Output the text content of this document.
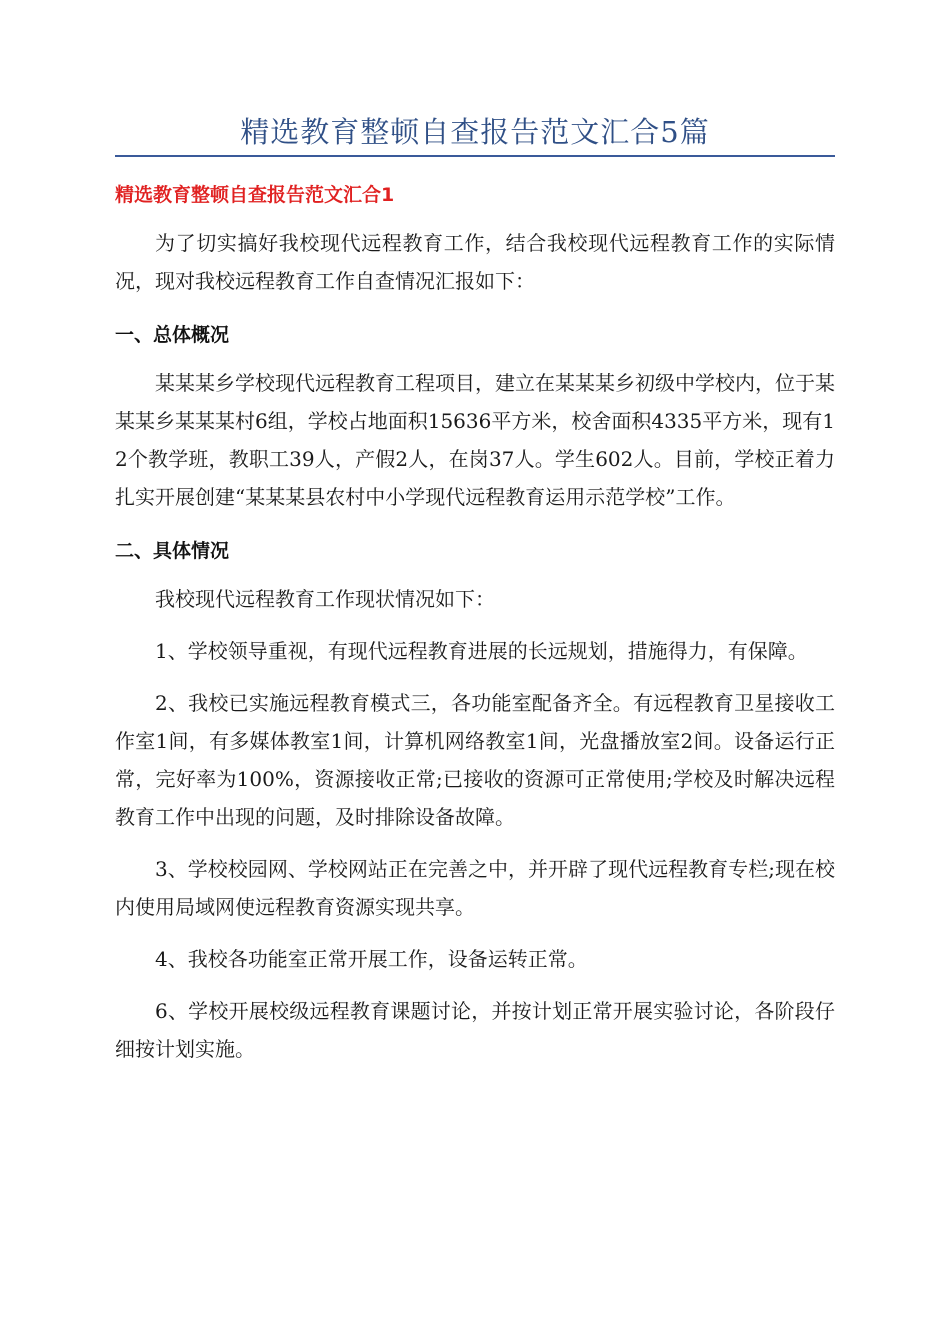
精选教育整顿自查报告范文汇合5篇

精选教育整顿自查报告范文汇合1

为了切实搞好我校现代远程教育工作，结合我校现代远程教育工作的实际情况，现对我校远程教育工作自查情况汇报如下：

一、总体概况

某某某乡学校现代远程教育工程项目，建立在某某某乡初级中学校内，位于某某某乡某某某村6组，学校占地面积15636平方米，校舍面积4335平方米，现有12个教学班，教职工39人，产假2人，在岗37人。学生602人。目前，学校正着力扎实开展创建“某某某县农村中小学现代远程教育运用示范学校”工作。

二、具体情况

我校现代远程教育工作现状情况如下：

1、学校领导重视，有现代远程教育进展的长远规划，措施得力，有保障。

2、我校已实施远程教育模式三，各功能室配备齐全。有远程教育卫星接收工作室1间，有多媒体教室1间，计算机网络教室1间，光盘播放室2间。设备运行正常，完好率为100%，资源接收正常;已接收的资源可正常使用;学校及时解决远程教育工作中出现的问题，及时排除设备故障。

3、学校校园网、学校网站正在完善之中，并开辟了现代远程教育专栏;现在校内使用局域网使远程教育资源实现共享。

4、我校各功能室正常开展工作，设备运转正常。

6、学校开展校级远程教育课题讨论，并按计划正常开展实验讨论，各阶段仔细按计划实施。
